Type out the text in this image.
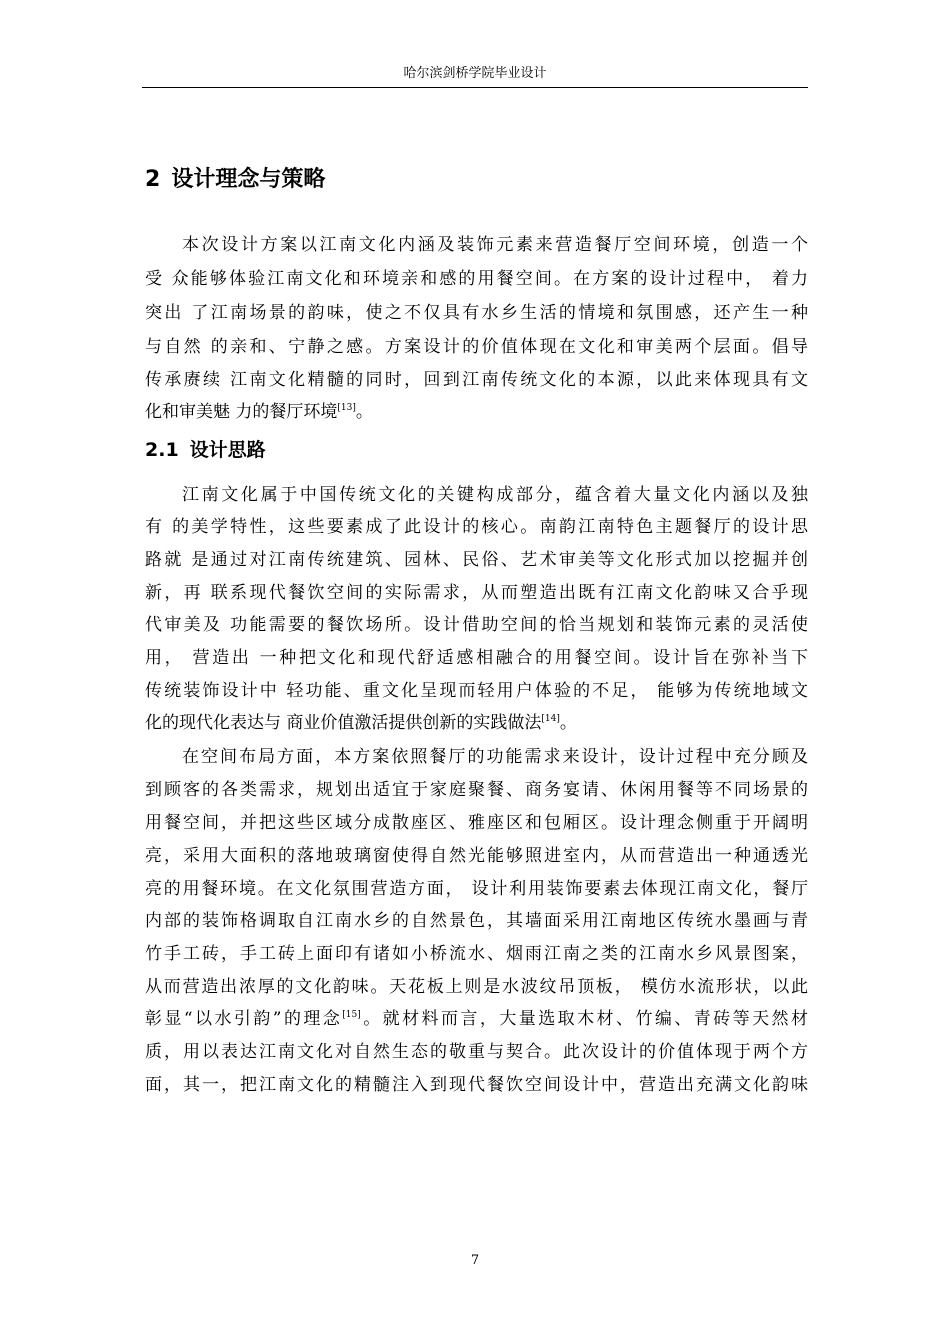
哈尔滨剑桥学院毕业设计
2 设计理念与策略
本次设计方案以江南文化内涵及装饰元素来营造餐厅空间环境，创造一个
受 众能够体验江南文化和环境亲和感的用餐空间。在方案的设计过程中， 着力
突出 了江南场景的韵味，使之不仅具有水乡生活的情境和氛围感，还产生一种
与自然 的亲和、宁静之感。方案设计的价值体现在文化和审美两个层面。倡导
传承赓续 江南文化精髓的同时，回到江南传统文化的本源，以此来体现具有文
化和审美魅 力的餐厅环境[13]。
2.1 设计思路
江南文化属于中国传统文化的关键构成部分，蕴含着大量文化内涵以及独
有 的美学特性，这些要素成了此设计的核心。南韵江南特色主题餐厅的设计思
路就 是通过对江南传统建筑、园林、民俗、艺术审美等文化形式加以挖掘并创
新，再 联系现代餐饮空间的实际需求，从而塑造出既有江南文化韵味又合乎现
代审美及 功能需要的餐饮场所。设计借助空间的恰当规划和装饰元素的灵活使
用， 营造出 一种把文化和现代舒适感相融合的用餐空间。设计旨在弥补当下
传统装饰设计中 轻功能、重文化呈现而轻用户体验的不足， 能够为传统地域文
化的现代化表达与 商业价值激活提供创新的实践做法[14]。
在空间布局方面，本方案依照餐厅的功能需求来设计，设计过程中充分顾及
到顾客的各类需求，规划出适宜于家庭聚餐、商务宴请、休闲用餐等不同场景的
用餐空间，并把这些区域分成散座区、雅座区和包厢区。设计理念侧重于开阔明
亮，采用大面积的落地玻璃窗使得自然光能够照进室内，从而营造出一种通透光
亮的用餐环境。在文化氛围营造方面， 设计利用装饰要素去体现江南文化，餐厅
内部的装饰格调取自江南水乡的自然景色，其墙面采用江南地区传统水墨画与青
竹手工砖，手工砖上面印有诸如小桥流水、烟雨江南之类的江南水乡风景图案，
从而营造出浓厚的文化韵味。天花板上则是水波纹吊顶板， 模仿水流形状，以此
彰显“以水引韵”的理念[15]。就材料而言，大量选取木材、竹编、青砖等天然材
质，用以表达江南文化对自然生态的敬重与契合。此次设计的价值体现于两个方
面，其一，把江南文化的精髓注入到现代餐饮空间设计中，营造出充满文化韵味
7
